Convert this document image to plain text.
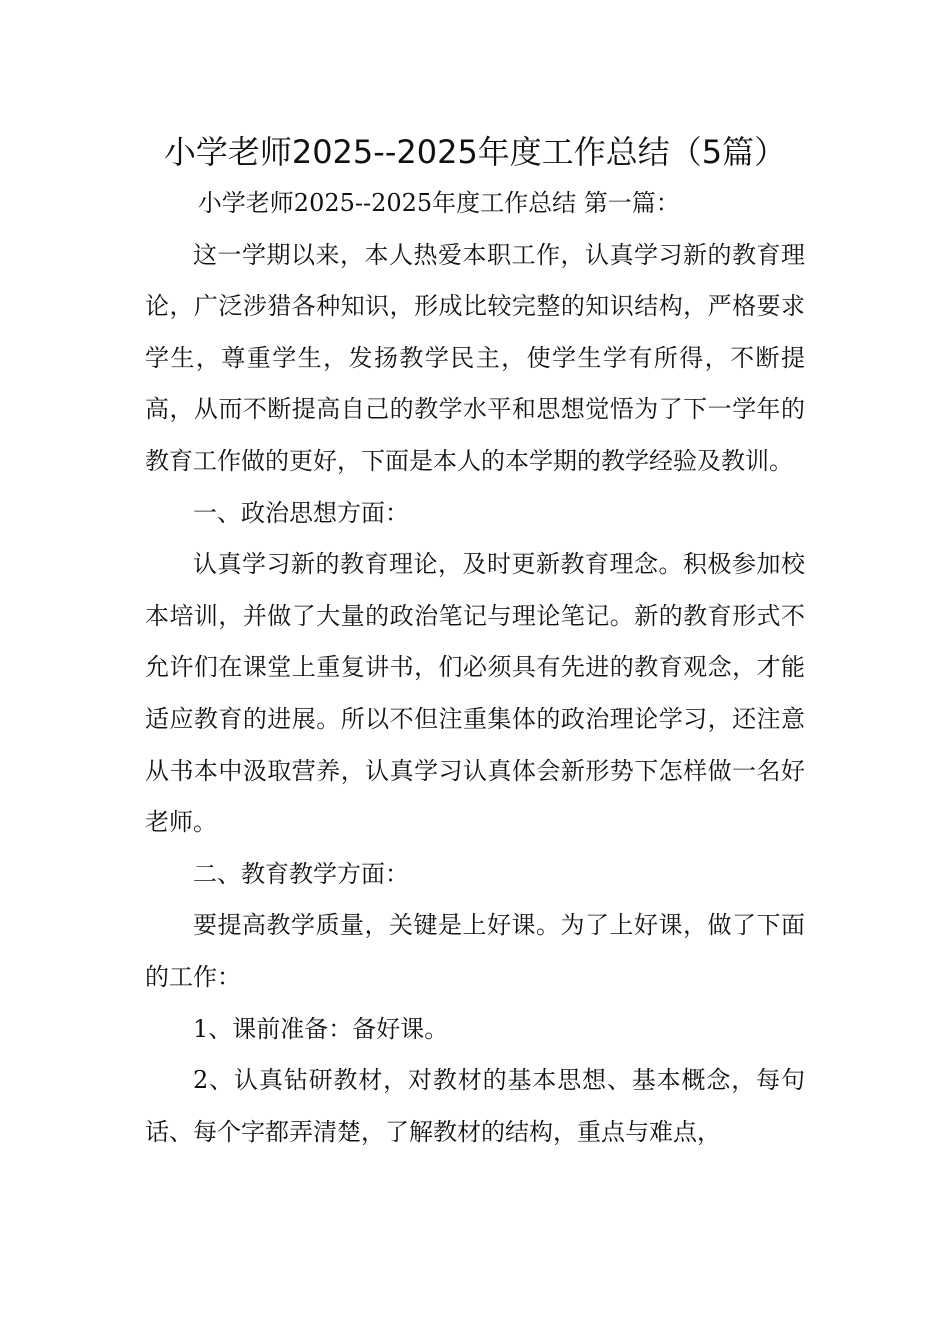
小学老师2025--2025年度工作总结（5篇）

小学老师2025--2025年度工作总结 第一篇：

这一学期以来，本人热爱本职工作，认真学习新的教育理论，广泛涉猎各种知识，形成比较完整的知识结构，严格要求学生，尊重学生，发扬教学民主，使学生学有所得，不断提高，从而不断提高自己的教学水平和思想觉悟为了下一学年的教育工作做的更好，下面是本人的本学期的教学经验及教训。

一、政治思想方面：

认真学习新的教育理论，及时更新教育理念。积极参加校本培训，并做了大量的政治笔记与理论笔记。新的教育形式不允许们在课堂上重复讲书，们必须具有先进的教育观念，才能适应教育的进展。所以不但注重集体的政治理论学习，还注意从书本中汲取营养，认真学习认真体会新形势下怎样做一名好老师。

二、教育教学方面：

要提高教学质量，关键是上好课。为了上好课，做了下面的工作：

1、课前准备：备好课。

2、认真钻研教材，对教材的基本思想、基本概念，每句话、每个字都弄清楚，了解教材的结构，重点与难点，
